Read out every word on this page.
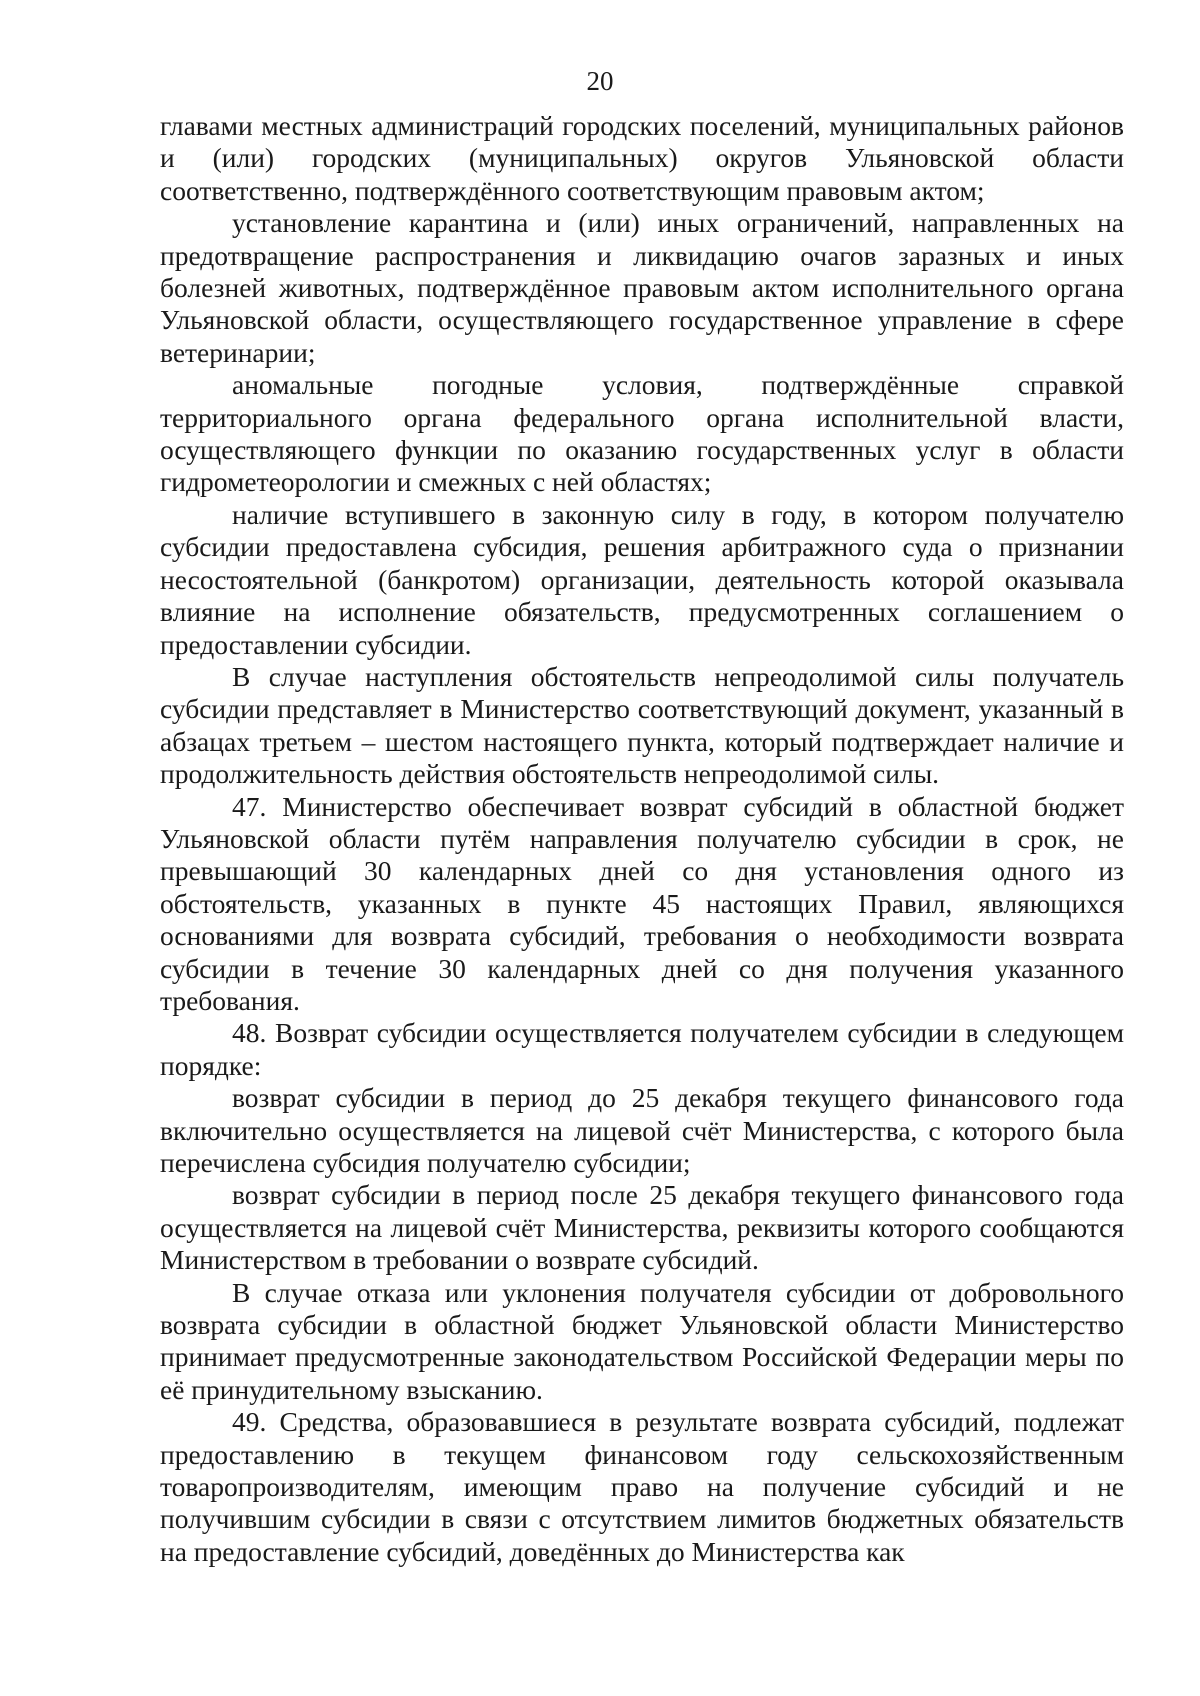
20

главами местных администраций городских поселений, муниципальных районов и (или) городских (муниципальных) округов Ульяновской области соответственно, подтверждённого соответствующим правовым актом;

установление карантина и (или) иных ограничений, направленных на предотвращение распространения и ликвидацию очагов заразных и иных болезней животных, подтверждённое правовым актом исполнительного органа Ульяновской области, осуществляющего государственное управление в сфере ветеринарии;

аномальные погодные условия, подтверждённые справкой территориального органа федерального органа исполнительной власти, осуществляющего функции по оказанию государственных услуг в области гидрометеорологии и смежных с ней областях;

наличие вступившего в законную силу в году, в котором получателю субсидии предоставлена субсидия, решения арбитражного суда о признании несостоятельной (банкротом) организации, деятельность которой оказывала влияние на исполнение обязательств, предусмотренных соглашением о предоставлении субсидии.

В случае наступления обстоятельств непреодолимой силы получатель субсидии представляет в Министерство соответствующий документ, указанный в абзацах третьем – шестом настоящего пункта, который подтверждает наличие и продолжительность действия обстоятельств непреодолимой силы.

47. Министерство обеспечивает возврат субсидий в областной бюджет Ульяновской области путём направления получателю субсидии в срок, не превышающий 30 календарных дней со дня установления одного из обстоятельств, указанных в пункте 45 настоящих Правил, являющихся основаниями для возврата субсидий, требования о необходимости возврата субсидии в течение 30 календарных дней со дня получения указанного требования.

48. Возврат субсидии осуществляется получателем субсидии в следующем порядке:

возврат субсидии в период до 25 декабря текущего финансового года включительно осуществляется на лицевой счёт Министерства, с которого была перечислена субсидия получателю субсидии;

возврат субсидии в период после 25 декабря текущего финансового года осуществляется на лицевой счёт Министерства, реквизиты которого сообщаются Министерством в требовании о возврате субсидий.

В случае отказа или уклонения получателя субсидии от добровольного возврата субсидии в областной бюджет Ульяновской области Министерство принимает предусмотренные законодательством Российской Федерации меры по её принудительному взысканию.

49. Средства, образовавшиеся в результате возврата субсидий, подлежат предоставлению в текущем финансовом году сельскохозяйственным товаропроизводителям, имеющим право на получение субсидий и не получившим субсидии в связи с отсутствием лимитов бюджетных обязательств на предоставление субсидий, доведённых до Министерства как
